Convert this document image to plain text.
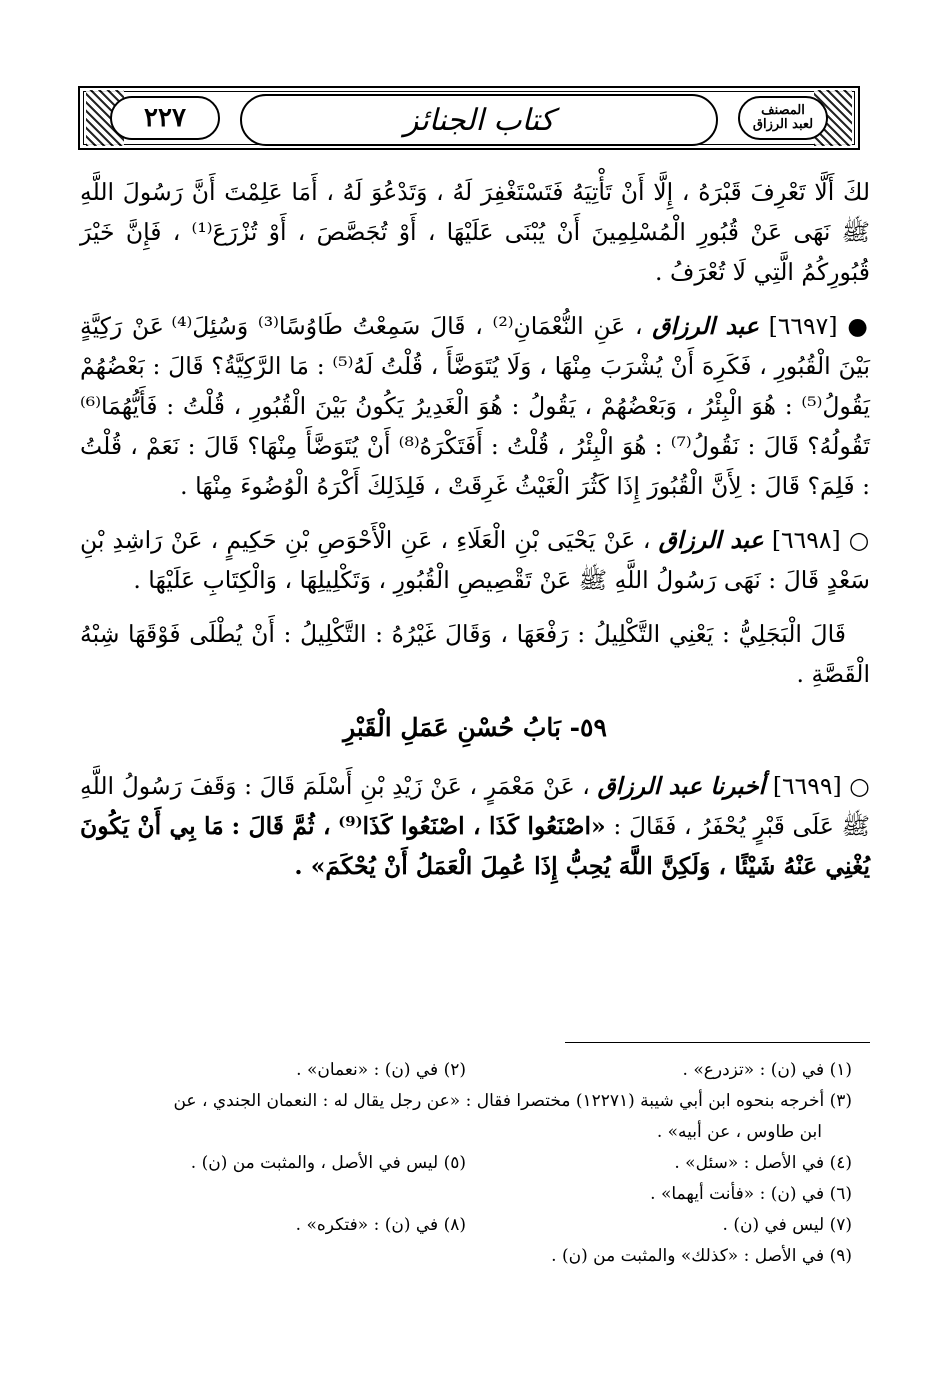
٢٢٧	كتاب الجنائز	المصنف
لعبد الرزاق

لكَ أَلَّا تَعْرِفَ قَبْرَهُ ، إِلَّا أَنْ تَأْتِيَهُ فَتَسْتَغْفِرَ لَهُ ، وَتَدْعُوَ لَهُ ، أَمَا عَلِمْتَ أَنَّ رَسُولَ اللَّهِ ﷺ نَهَى عَنْ قُبُورِ الْمُسْلِمِينَ أَنْ يُبْنَى عَلَيْهَا ، أَوْ تُجَصَّصَ ، أَوْ تُزْرَعَ⁽¹⁾ ، فَإِنَّ خَيْرَ قُبُورِكُمُ الَّتِي لَا تُعْرَفُ .

● [٦٦٩٧] عبد الرزاق ، عَنِ النُّعْمَانِ⁽²⁾ ، قَالَ سَمِعْتُ طَاوُسًا⁽³⁾ وَسُئِلَ⁽⁴⁾ عَنْ رَكِيَّةٍ بَيْنَ الْقُبُورِ ، فَكَرِهَ أَنْ يُشْرَبَ مِنْهَا ، وَلَا يُتَوَضَّأَ ، قُلْتُ لَهُ⁽⁵⁾ : مَا الرَّكِيَّةُ؟ قَالَ : بَعْضُهُمْ يَقُولُ⁽⁵⁾ : هُوَ الْبِئْرُ ، وَبَعْضُهُمْ ، يَقُولُ : هُوَ الْغَدِيرُ يَكُونُ بَيْنَ الْقُبُورِ ، قُلْتُ : فَأَيُّهُمَا⁽⁶⁾ تَقُولُهُ؟ قَالَ : نَقُولُ⁽⁷⁾ : هُوَ الْبِئْرُ ، قُلْتُ : أَفَتَكْرَهُ⁽⁸⁾ أَنْ يُتَوَضَّأَ مِنْهَا؟ قَالَ : نَعَمْ ، قُلْتُ : فَلِمَ؟ قَالَ : لِأَنَّ الْقُبُورَ إِذَا كَثُرَ الْغَيْثُ غَرِقَتْ ، فَلِذَلِكَ أَكْرَهُ الْوُضُوءَ مِنْهَا .

○ [٦٦٩٨] عبد الرزاق ، عَنْ يَحْيَى بْنِ الْعَلَاءِ ، عَنِ الْأَحْوَصِ بْنِ حَكِيمٍ ، عَنْ رَاشِدِ بْنِ سَعْدٍ قَالَ : نَهَى رَسُولُ اللَّهِ ﷺ عَنْ تَقْصِيصِ الْقُبُورِ ، وَتَكْلِيلِهَا ، وَالْكِتَابِ عَلَيْهَا .

قَالَ الْبَجَلِيُّ : يَعْنِي التَّكْلِيلُ : رَفْعَهَا ، وَقَالَ غَيْرُهُ : التَّكْلِيلُ : أَنْ يُطْلَى فَوْقَهَا شِبْهُ الْقَصَّةِ .

٥٩- بَابُ حُسْنِ عَمَلِ الْقَبْرِ

○ [٦٦٩٩] أخبرنا عبد الرزاق ، عَنْ مَعْمَرٍ ، عَنْ زَيْدِ بْنِ أَسْلَمَ قَالَ : وَقَفَ رَسُولُ اللَّهِ ﷺ عَلَى قَبْرٍ يُحْفَرُ ، فَقَالَ : «اصْنَعُوا كَذَا ، اصْنَعُوا كَذَا⁽⁹⁾ ، ثُمَّ قَالَ : مَا بِي أَنْ يَكُونَ يُغْنِي عَنْهُ شَيْئًا ، وَلَكِنَّ اللَّهَ يُحِبُّ إِذَا عُمِلَ الْعَمَلُ أَنْ يُحْكَمَ» .

(١) في (ن) : «تزدرع» .
(٢) في (ن) : «نعمان» .
(٣) أخرجه بنحوه ابن أبي شيبة (١٢٢٧١) مختصرا فقال : «عن رجل يقال له : النعمان الجندي ، عن
ابن طاوس ، عن أبيه» .
(٤) في الأصل : «سئل» .
(٥) ليس في الأصل ، والمثبت من (ن) .
(٦) في (ن) : «فأنت أيهما» .
(٧) ليس في (ن) .
(٨) في (ن) : «فتكره» .
(٩) في الأصل : «كذلك» والمثبت من (ن) .
